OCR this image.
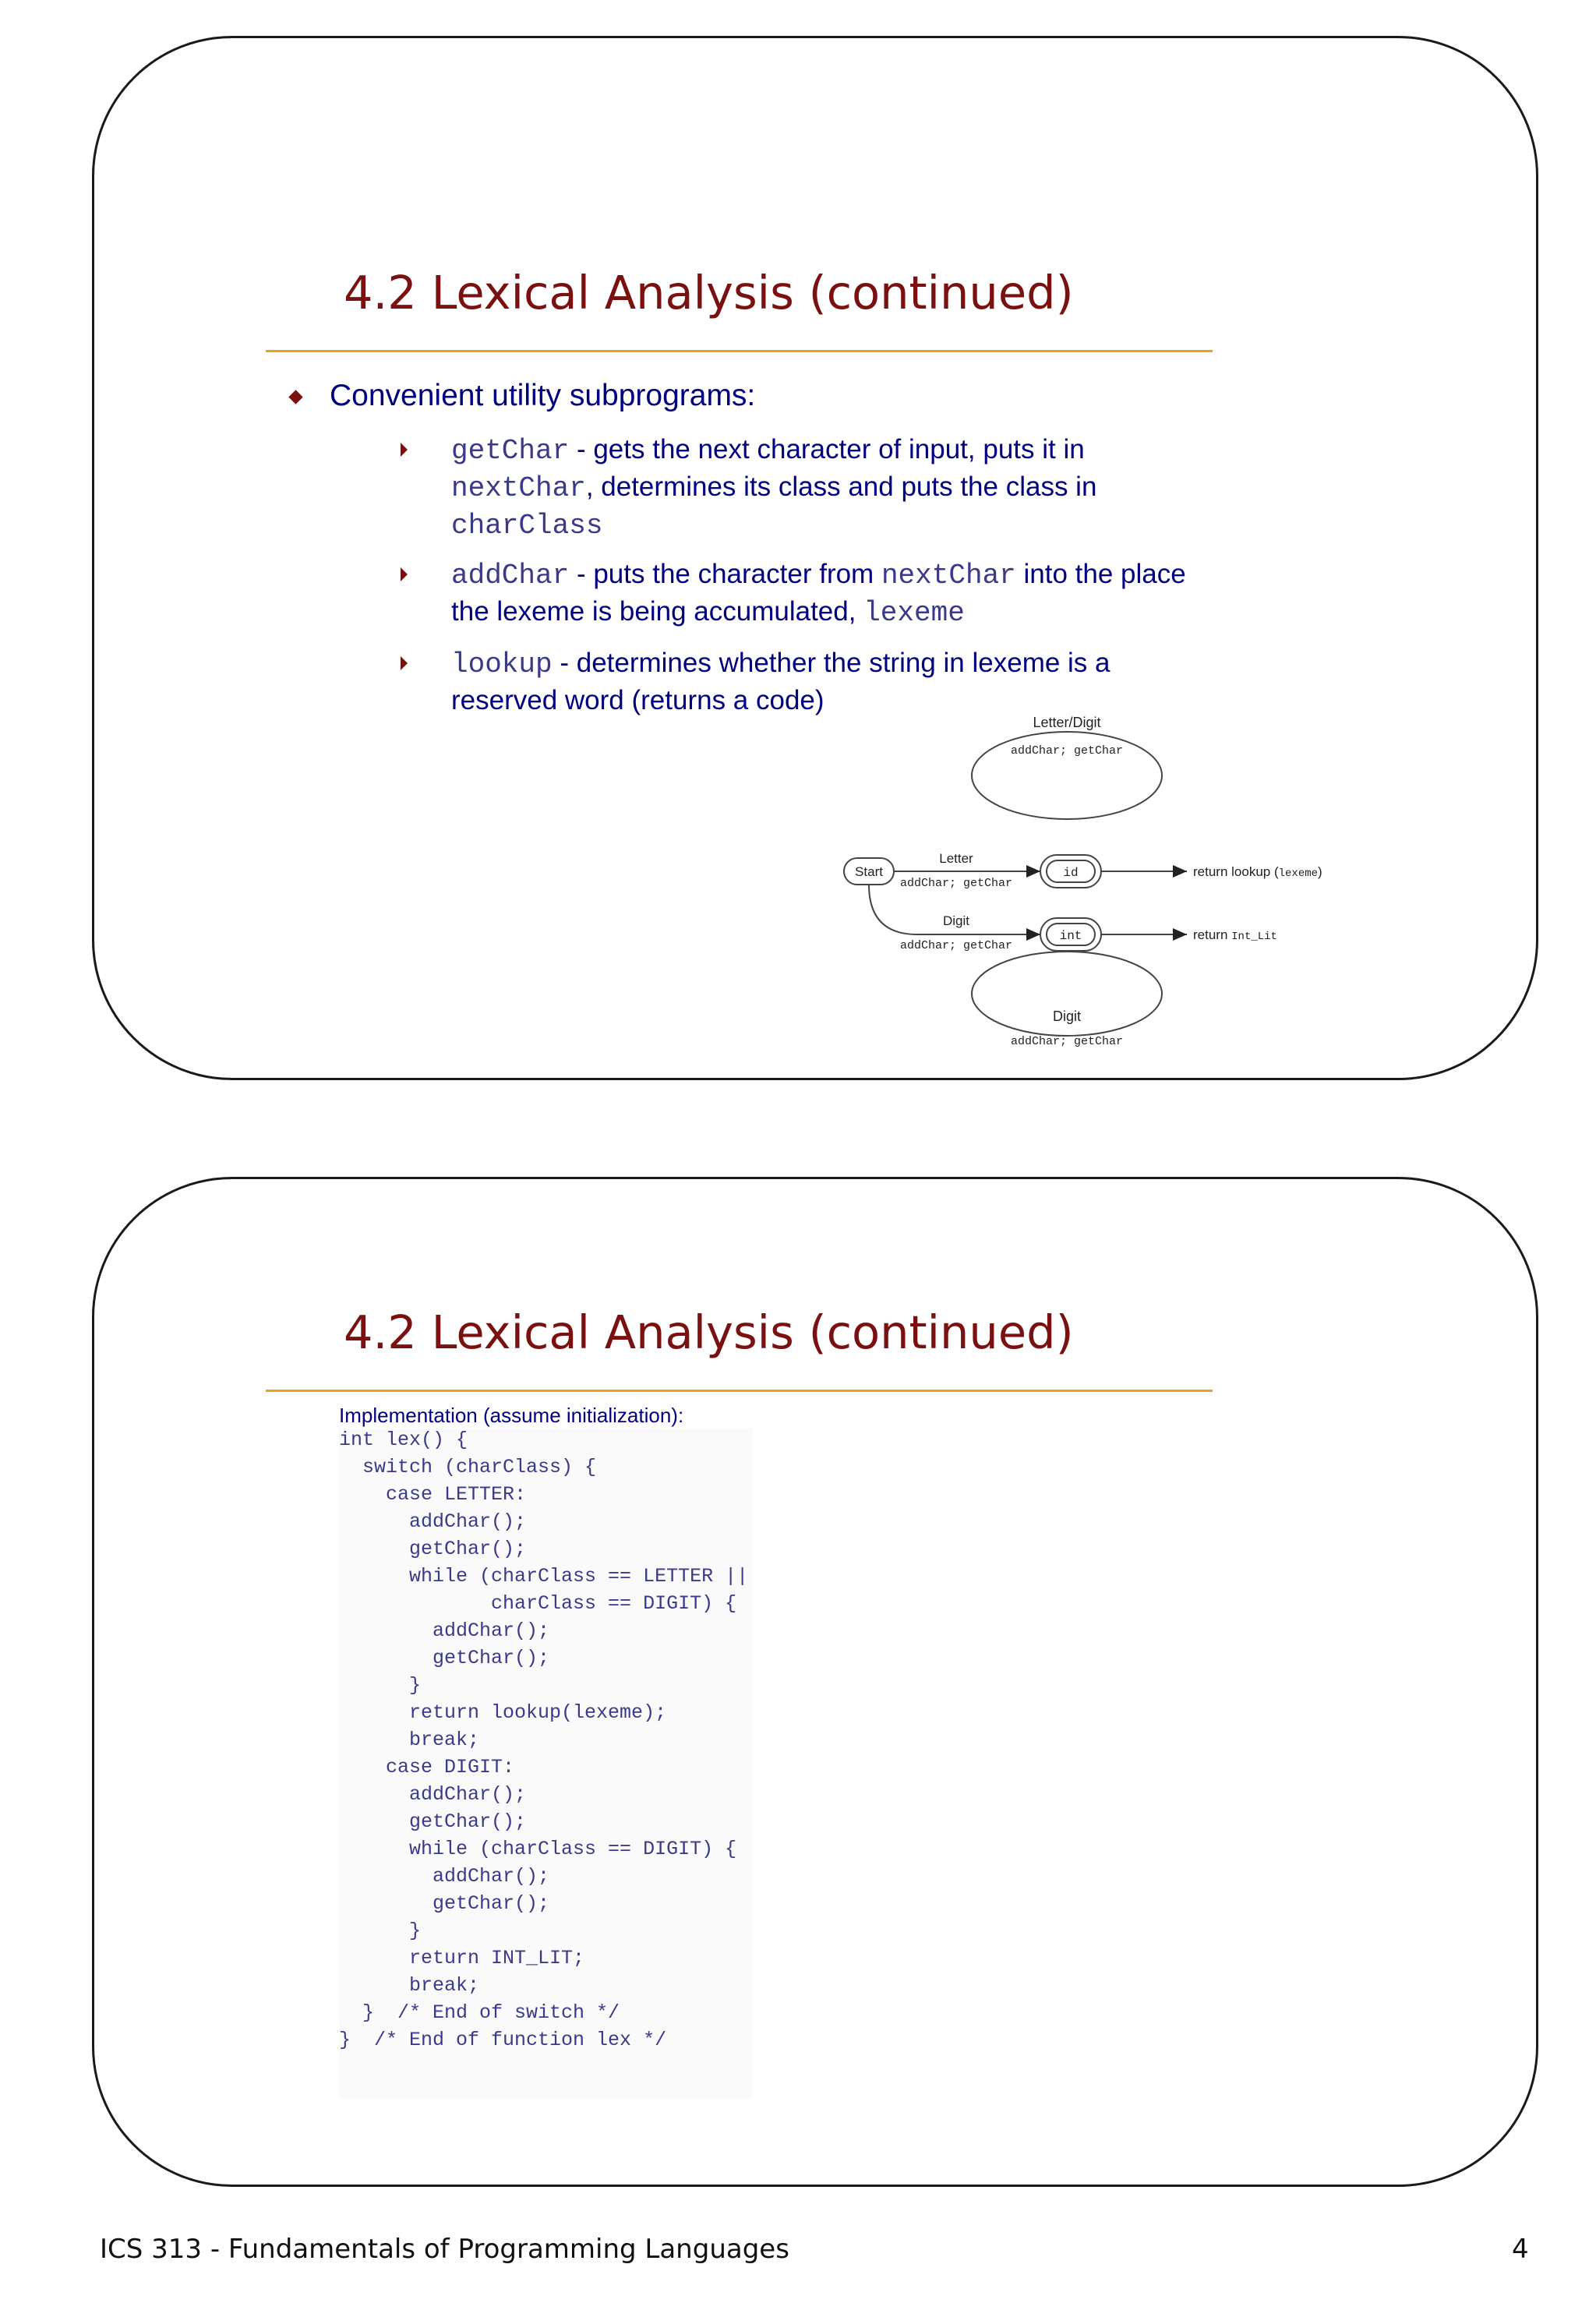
4.2 Lexical Analysis (continued)
Convenient utility subprograms:
getChar - gets the next character of input, puts it in
nextChar, determines its class and puts the class in
charClass
addChar - puts the character from nextChar into the place
the lexeme is being accumulated, lexeme
lookup - determines whether the string in lexeme is a
reserved word (returns a code)
Letter/Digit
addChar; getChar
Start
Letter
addChar; getChar
Digit
addChar; getChar
id
int
return lookup (lexeme)
return Int_Lit
Digit
addChar; getChar
4.2 Lexical Analysis (continued)
Implementation (assume initialization):
int lex() {
switch (charClass) {
case LETTER:
addChar();
getChar();
while (charClass == LETTER ||
charClass == DIGIT) {
addChar();
getChar();
}
return lookup(lexeme);
break;
case DIGIT:
addChar();
getChar();
while (charClass == DIGIT) {
addChar();
getChar();
}
return INT_LIT;
break;
}  /* End of switch */
}  /* End of function lex */
ICS 313 - Fundamentals of Programming Languages	4
